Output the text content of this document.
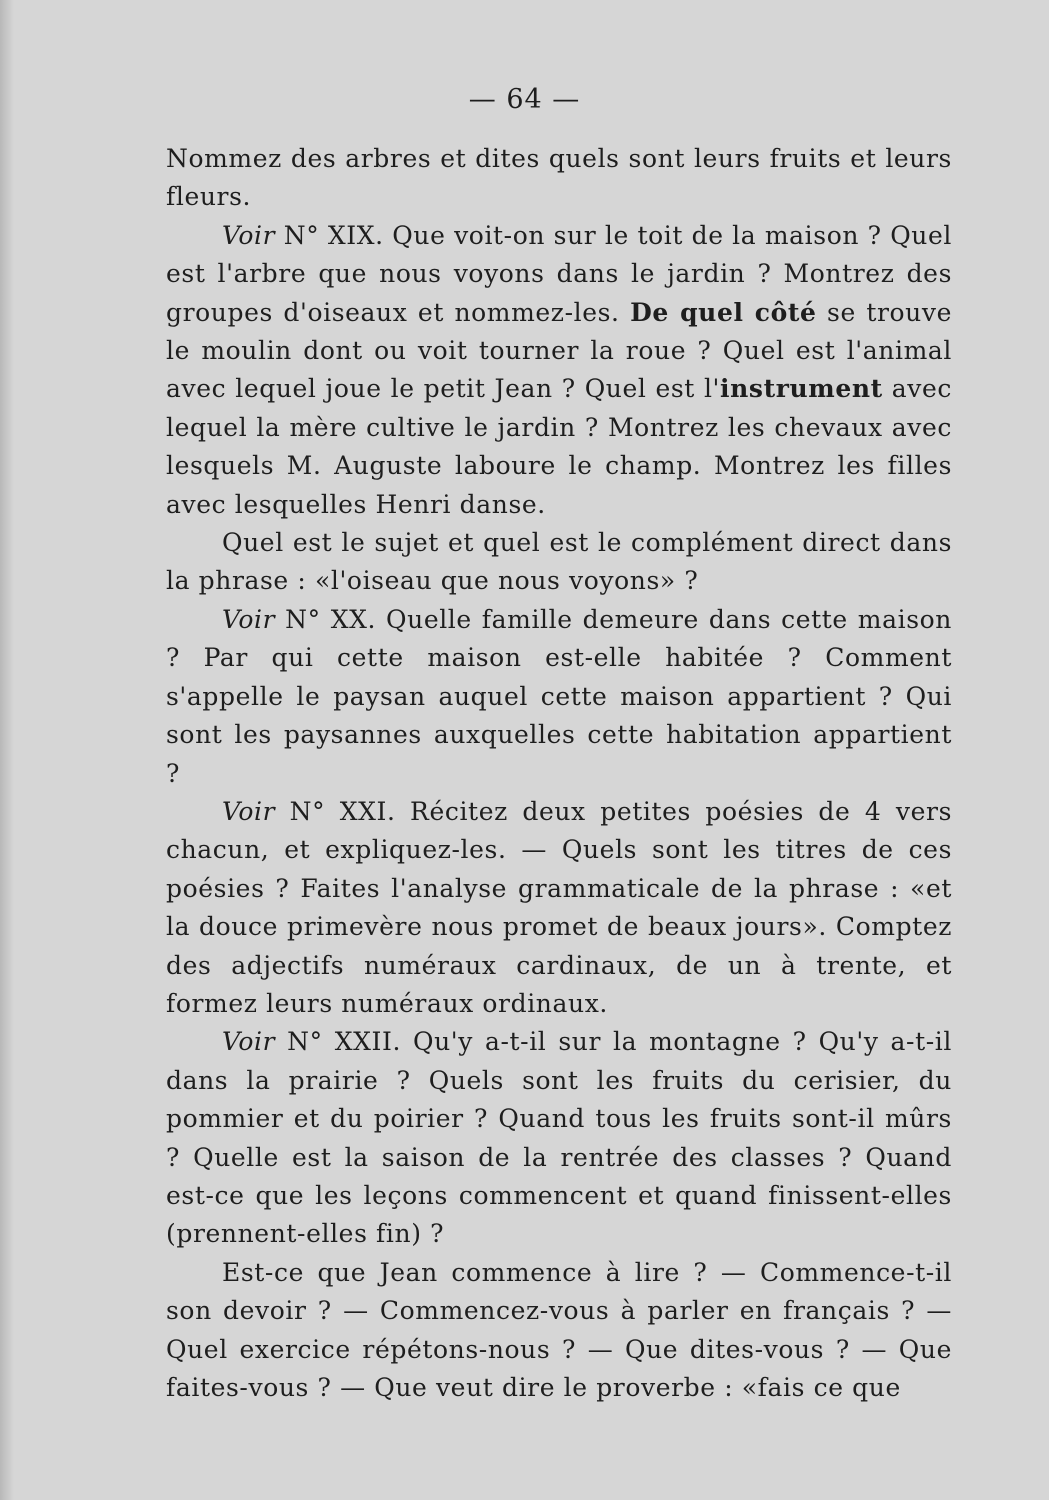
— 64 —

Nommez des arbres et dites quels sont leurs fruits et leurs fleurs.

Voir N° XIX. Que voit-on sur le toit de la maison ? Quel est l'arbre que nous voyons dans le jardin ? Montrez des groupes d'oiseaux et nommez-les. De quel côté se trouve le moulin dont ou voit tourner la roue ? Quel est l'animal avec lequel joue le petit Jean ? Quel est l'instrument avec lequel la mère cultive le jardin ? Montrez les chevaux avec lesquels M. Auguste laboure le champ. Montrez les filles avec lesquelles Henri danse.

Quel est le sujet et quel est le complément direct dans la phrase : «l'oiseau que nous voyons» ?

Voir N° XX. Quelle famille demeure dans cette maison ? Par qui cette maison est-elle habitée ? Comment s'appelle le paysan auquel cette maison appartient ? Qui sont les paysannes auxquelles cette habitation appartient ?

Voir N° XXI. Récitez deux petites poésies de 4 vers chacun, et expliquez-les. — Quels sont les titres de ces poésies ? Faites l'analyse grammaticale de la phrase : «et la douce primevère nous promet de beaux jours». Comptez des adjectifs numéraux cardinaux, de un à trente, et formez leurs numéraux ordinaux.

Voir N° XXII. Qu'y a-t-il sur la montagne ? Qu'y a-t-il dans la prairie ? Quels sont les fruits du cerisier, du pommier et du poirier ? Quand tous les fruits sont-il mûrs ? Quelle est la saison de la rentrée des classes ? Quand est-ce que les leçons commencent et quand finissent-elles (prennent-elles fin) ?

Est-ce que Jean commence à lire ? — Commence-t-il son devoir ? — Commencez-vous à parler en français ? — Quel exercice répétons-nous ? — Que dites-vous ? — Que faites-vous ? — Que veut dire le proverbe : «fais ce que
